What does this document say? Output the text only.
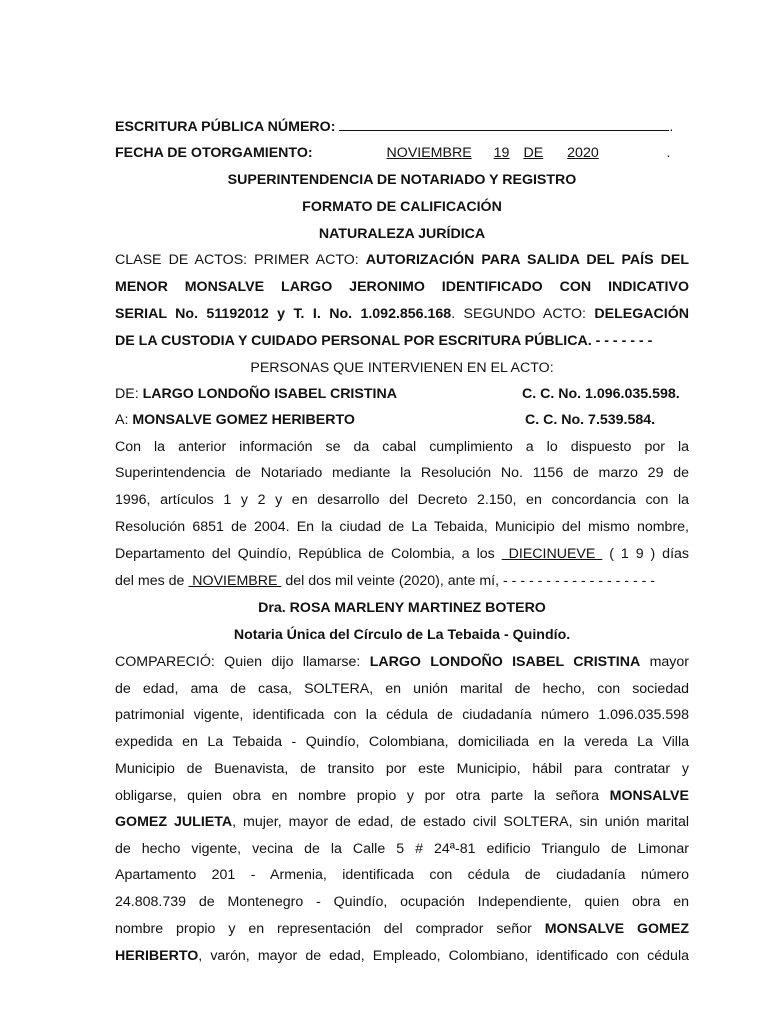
ESCRITURA PÚBLICA NÚMERO:	.
FECHA DE OTORGAMIENTO:	NOVIEMBRE 19 DE 2020	.
SUPERINTENDENCIA DE NOTARIADO Y REGISTRO
FORMATO DE CALIFICACIÓN
NATURALEZA JURÍDICA
CLASE DE ACTOS: PRIMER ACTO: AUTORIZACIÓN PARA SALIDA DEL PAÍS DEL
MENOR MONSALVE LARGO JERONIMO IDENTIFICADO CON INDICATIVO
SERIAL No. 51192012 y T. I. No. 1.092.856.168. SEGUNDO ACTO: DELEGACIÓN
DE LA CUSTODIA Y CUIDADO PERSONAL POR ESCRITURA PÚBLICA. - - - - - - -
PERSONAS QUE INTERVIENEN EN EL ACTO:
DE: LARGO LONDOÑO ISABEL CRISTINA	C. C. No. 1.096.035.598.
A: MONSALVE GOMEZ HERIBERTO	C. C. No. 7.539.584.
Con la anterior información se da cabal cumplimiento a lo dispuesto por la
Superintendencia de Notariado mediante la Resolución No. 1156 de marzo 29 de
1996, artículos 1 y 2 y en desarrollo del Decreto 2.150, en concordancia con la
Resolución 6851 de 2004. En la ciudad de La Tebaida, Municipio del mismo nombre,
Departamento del Quindío, República de Colombia, a los  DIECINUEVE  ( 1 9 ) días
del mes de  NOVIEMBRE  del dos mil veinte (2020), ante mí, - - - - - - - - - - - - - - - - - -
Dra. ROSA MARLENY MARTINEZ BOTERO
Notaria Única del Círculo de La Tebaida - Quindío.
COMPARECIÓ: Quien dijo llamarse: LARGO LONDOÑO ISABEL CRISTINA mayor
de edad, ama de casa, SOLTERA, en unión marital de hecho, con sociedad
patrimonial vigente, identificada con la cédula de ciudadanía número 1.096.035.598
expedida en La Tebaida - Quindío, Colombiana, domiciliada en la vereda La Villa
Municipio de Buenavista, de transito por este Municipio, hábil para contratar y
obligarse, quien obra en nombre propio y por otra parte la señora MONSALVE
GOMEZ JULIETA, mujer, mayor de edad, de estado civil SOLTERA, sin unión marital
de hecho vigente, vecina de la Calle 5 # 24ª-81 edificio Triangulo de Limonar
Apartamento 201 - Armenia, identificada con cédula de ciudadanía número
24.808.739 de Montenegro - Quindío, ocupación Independiente, quien obra en
nombre propio y en representación del comprador señor MONSALVE GOMEZ
HERIBERTO, varón, mayor de edad, Empleado, Colombiano, identificado con cédula
